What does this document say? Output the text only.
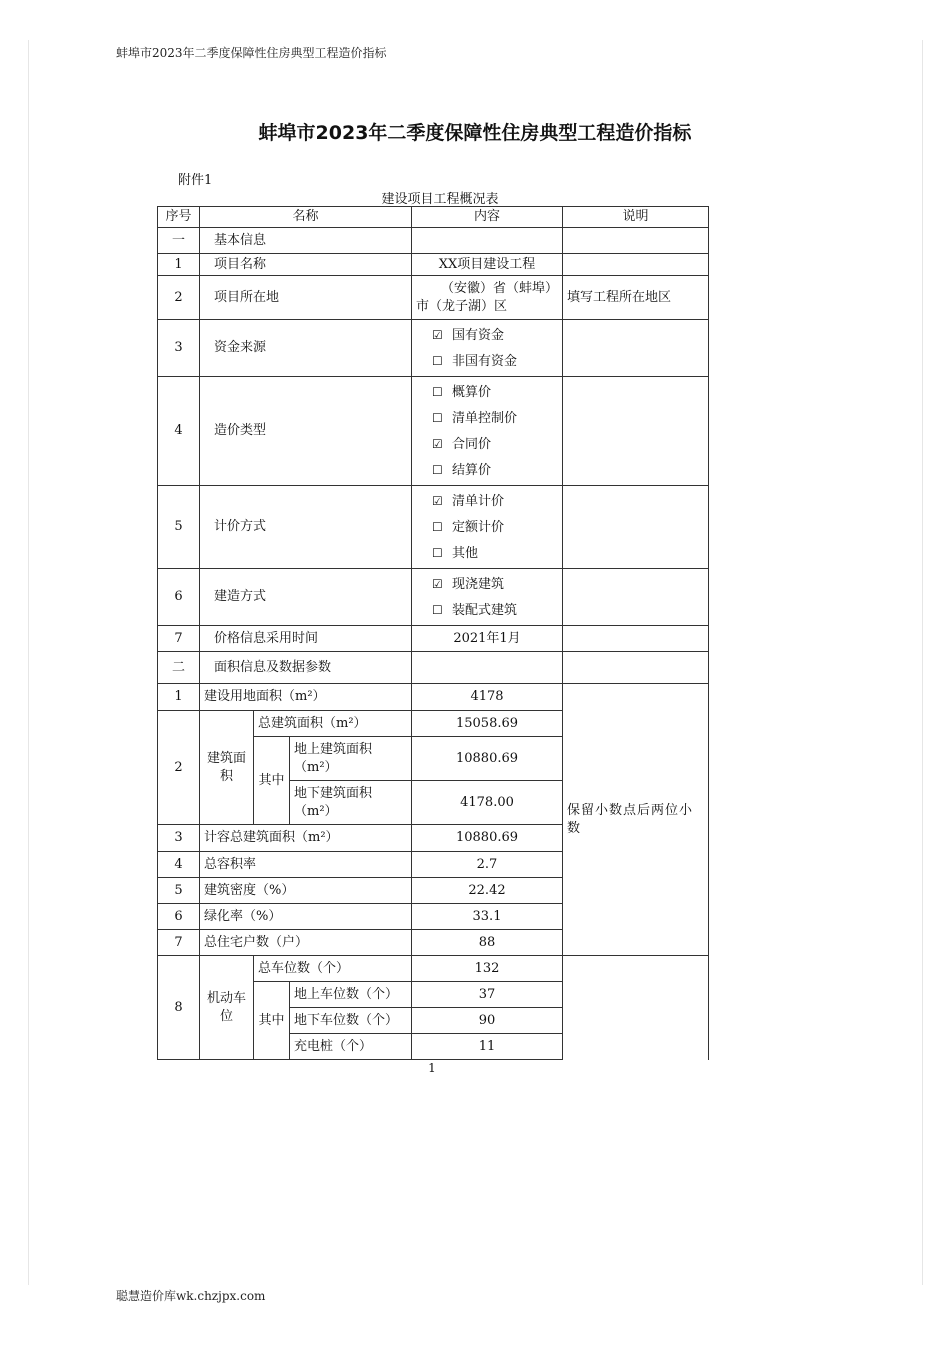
蚌埠市2023年二季度保障性住房典型工程造价指标
蚌埠市2023年二季度保障性住房典型工程造价指标
附件1
建设项目工程概况表
序号	名称			内容	说明	
一	基本信息					
1	项目名称			XX项目建设工程		
2	项目所在地			（安徽）省（蚌埠）
市（龙子湖）区	填写工程所在地区	
3	资金来源			☑ 国有资金
☐ 非国有资金		

4	造价类型			☐ 概算价
☐ 清单控制价
☑ 合同价
☐ 结算价		

5	计价方式			☑ 清单计价
☐ 定额计价
☐ 其他		

6	建造方式			☑ 现浇建筑
☐ 装配式建筑		

7	价格信息采用时间			2021年1月		
二	面积信息及数据参数					
1	建设用地面积（m²）			4178	保留小数点后两位小数	
2	建筑面积	总建筑面积（m²）		15058.69		
		其中	地上建筑面积（m²）	10880.69		
			地下建筑面积（m²）	4178.00		
3	计容总建筑面积（m²）			10880.69		
4	总容积率			2.7		
5	建筑密度（%）			22.42		
6	绿化率（%）			33.1		
7	总住宅户数（户）			88	
8	机动车位	总车位数（个）		132		
		其中	地上车位数（个）	37		
			地下车位数（个）	90		
			充电桩（个）	11		
1
聪慧造价库wk.chzjpx.com
